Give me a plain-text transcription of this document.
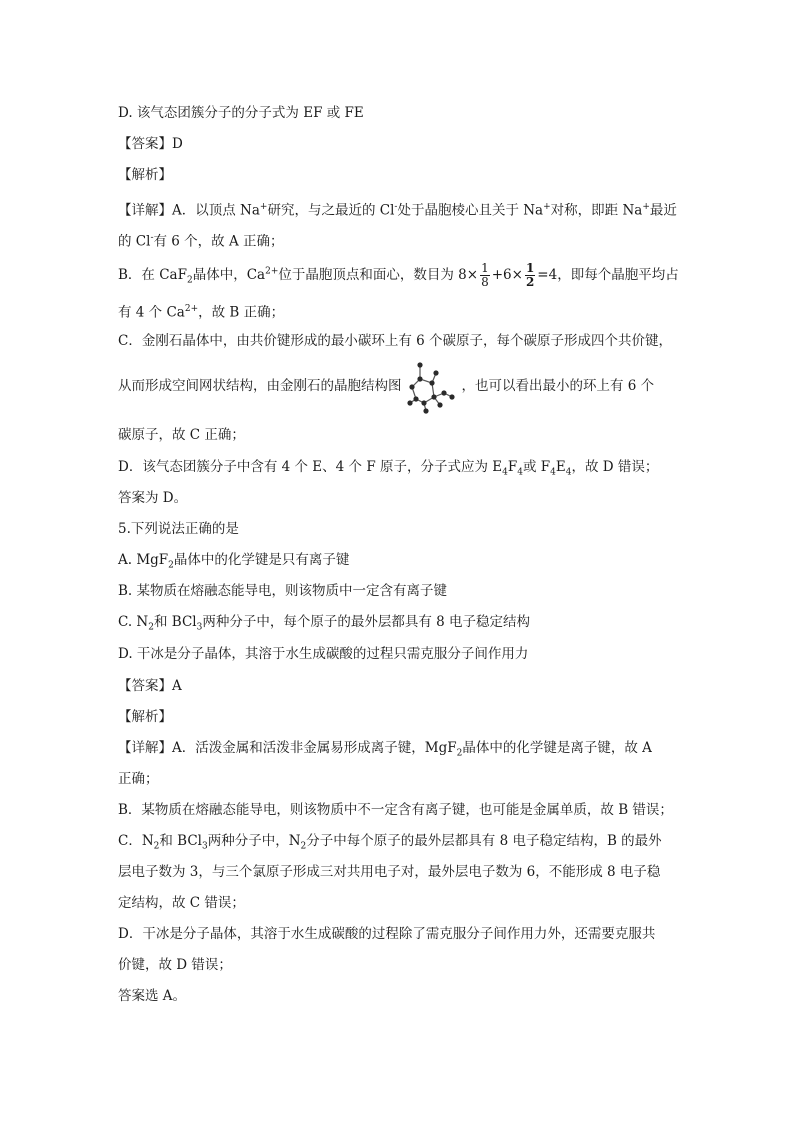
D. 该气态团簇分子的分子式为 EF 或 FE
【答案】D
【解析】
【详解】A．以顶点 Na+研究，与之最近的 Cl-处于晶胞棱心且关于 Na+对称，即距 Na+最近
的 Cl-有 6 个，故 A 正确；
B．在 CaF$_2$晶体中，$Ca^{2+}$位于晶胞顶点和面心，数目为 $8\times \frac{1}{8} +6\times \frac{1}{2} =4$，即每个晶胞平均占
有 4 个 $Ca^{2+}$，故 B 正确；
C．金刚石晶体中，由共价键形成的最小碳环上有 6 个碳原子，每个碳原子形成四个共价键，
从而形成空间网状结构，由金刚石的晶胞结构图	，也可以看出最小的环上有 6 个
碳原子，故 C 正确；
D．该气态团簇分子中含有 4 个 E、4 个 F 原子，分子式应为 $E_4F_4$或 $F_4E_4$，故 D 错误；
答案为 D。
5.下列说法正确的是
A. MgF$_2$晶体中的化学键是只有离子键
B. 某物质在熔融态能导电，则该物质中一定含有离子键
C. $N_2$和 BCl$_3$两种分子中，每个原子的最外层都具有 8 电子稳定结构
D. 干冰是分子晶体，其溶于水生成碳酸的过程只需克服分子间作用力
【答案】A
【解析】
【详解】A．活泼金属和活泼非金属易形成离子键，MgF$_2$晶体中的化学键是离子键，故 A
正确；
B．某物质在熔融态能导电，则该物质中不一定含有离子键，也可能是金属单质，故 B 错误；
C．$N_2$和 BCl$_3$两种分子中，$N_2$分子中每个原子的最外层都具有 8 电子稳定结构，B 的最外
层电子数为 3，与三个氯原子形成三对共用电子对，最外层电子数为 6，不能形成 8 电子稳
定结构，故 C 错误；
D．干冰是分子晶体，其溶于水生成碳酸的过程除了需克服分子间作用力外，还需要克服共
价键，故 D 错误；
答案选 A。
